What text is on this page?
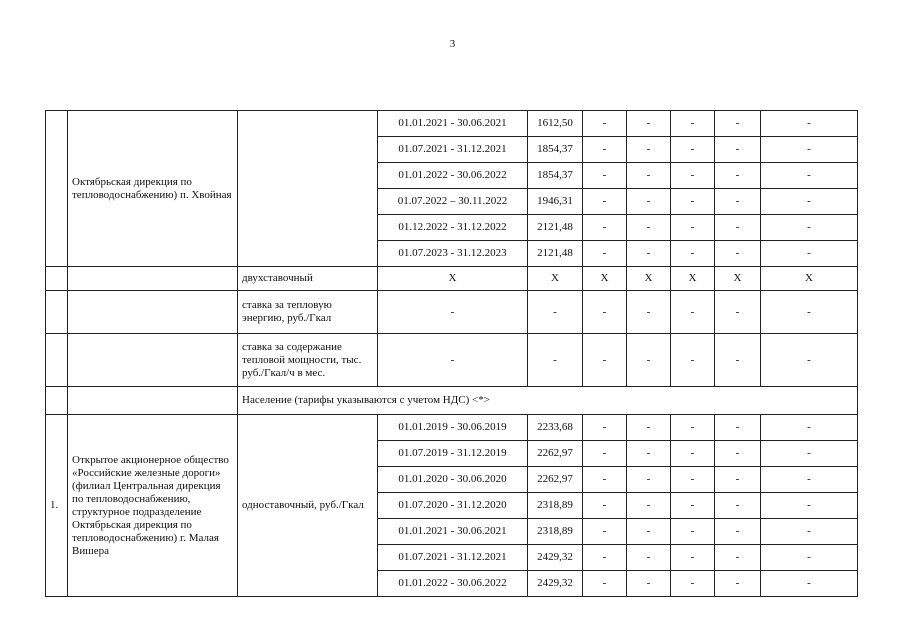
3
	Октябрьская дирекция по тепловодоснабжению) п. Хвойная		01.01.2021 - 30.06.2021	1612,50	-	-	-	-	-
			01.07.2021 - 31.12.2021	1854,37	-	-	-	-	-
			01.01.2022 - 30.06.2022	1854,37	-	-	-	-	-
			01.07.2022 – 30.11.2022	1946,31	-	-	-	-	-
			01.12.2022 - 31.12.2022	2121,48	-	-	-	-	-
			01.07.2023 - 31.12.2023	2121,48	-	-	-	-	-
		двухставочный	X	X	X	X	X	X	X
		ставка за тепловую энергию, руб./Гкал	-	-	-	-	-	-	-
		ставка за содержание тепловой мощности, тыс. руб./Гкал/ч в мес.	-	-	-	-	-	-	-
		Население (тарифы указываются с учетом НДС) <*>							
1.	Открытое акционерное общество «Российские железные дороги» (филиал Центральная дирекция по тепловодоснабжению, структурное подразделение Октябрьская дирекция по тепловодоснабжению) г. Малая Вишера	одноставочный, руб./Гкал	01.01.2019 - 30.06.2019	2233,68	-	-	-	-	-
			01.07.2019 - 31.12.2019	2262,97	-	-	-	-	-
			01.01.2020 - 30.06.2020	2262,97	-	-	-	-	-
			01.07.2020 - 31.12.2020	2318,89	-	-	-	-	-
			01.01.2021 - 30.06.2021	2318,89	-	-	-	-	-
			01.07.2021 - 31.12.2021	2429,32	-	-	-	-	-
			01.01.2022 - 30.06.2022	2429,32	-	-	-	-	-
